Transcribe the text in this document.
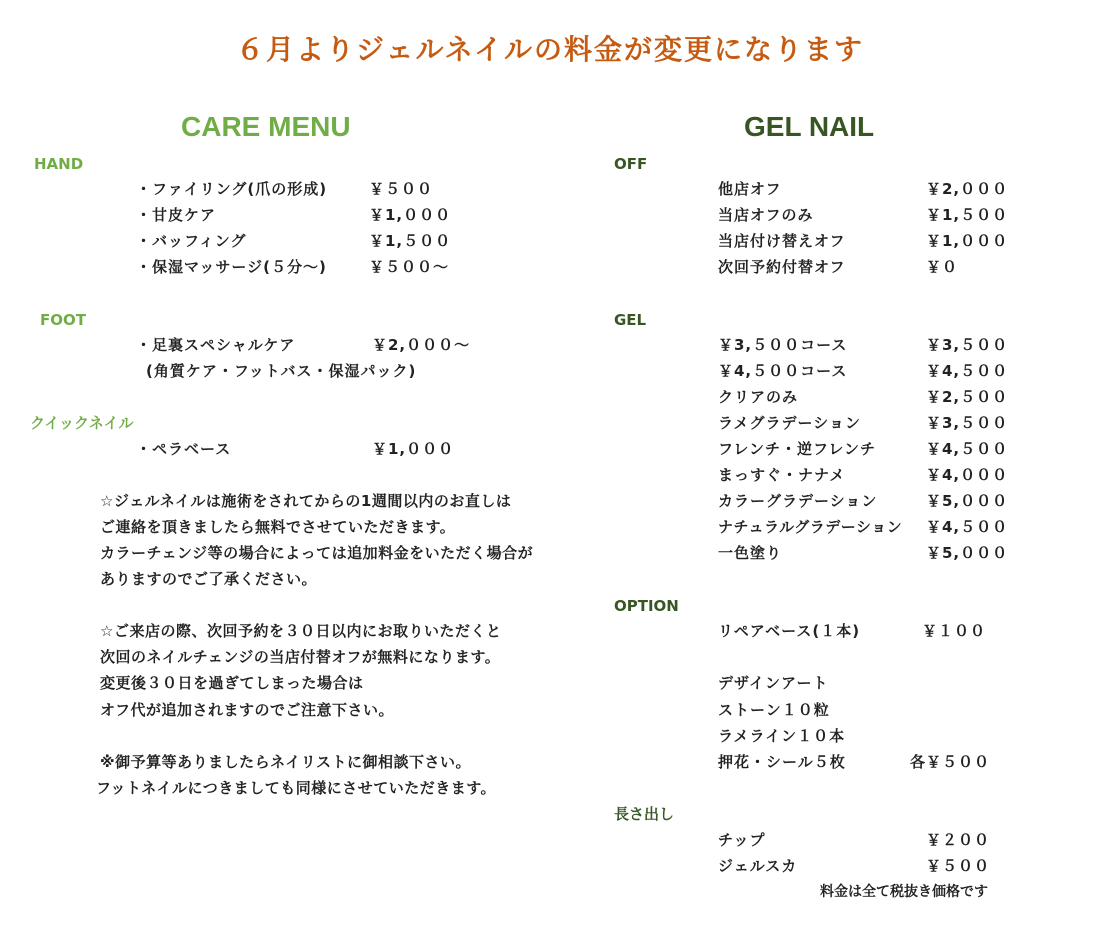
６月よりジェルネイルの料金が変更になります
CARE MENU
HAND
・ファイリング(爪の形成)	￥５００
・甘皮ケア	￥1,０００
・バッフィング	￥1,５００
・保湿マッサージ(５分～)	￥５００～
FOOT
・足裏スペシャルケア	￥2,０００～
(角質ケア・フットバス・保湿パック)
クイックネイル
・ペラベース	￥1,０００
☆ジェルネイルは施術をされてからの1週間以内のお直しは
ご連絡を頂きましたら無料でさせていただきます。
カラーチェンジ等の場合によっては追加料金をいただく場合が
ありますのでご了承ください。
☆ご来店の際、次回予約を３０日以内にお取りいただくと
次回のネイルチェンジの当店付替オフが無料になります。
変更後３０日を過ぎてしまった場合は
オフ代が追加されますのでご注意下さい。
※御予算等ありましたらネイリストに御相談下さい。
フットネイルにつきましても同様にさせていただきます。
GEL NAIL
OFF
他店オフ	￥2,０００
当店オフのみ	￥1,５００
当店付け替えオフ	￥1,０００
次回予約付替オフ	￥０
GEL
￥3,５００コース	￥3,５００
￥4,５００コース	￥4,５００
クリアのみ	￥2,５００
ラメグラデーション	￥3,５００
フレンチ・逆フレンチ	￥4,５００
まっすぐ・ナナメ	￥4,０００
カラーグラデーション	￥5,０００
ナチュラルグラデーション ￥4,５００
一色塗り	￥5,０００
OPTION
リペアベース(１本)	￥１００
デザインアート
ストーン１０粒
ラメライン１０本
押花・シール５枚	各￥５００
長さ出し
チップ	￥２００
ジェルスカ	￥５００
料金は全て税抜き価格です
